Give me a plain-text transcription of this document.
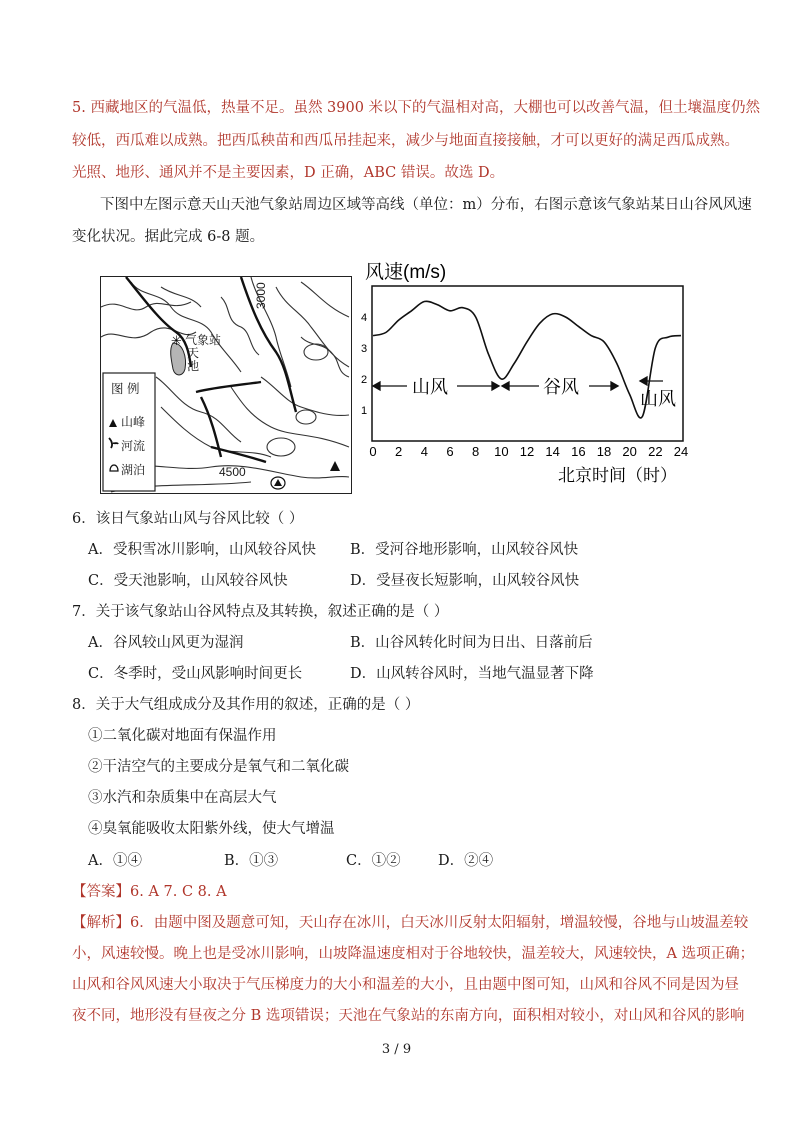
5. 西藏地区的气温低，热量不足。虽然 3900 米以下的气温相对高，大棚也可以改善气温，但土壤温度仍然
较低，西瓜难以成熟。把西瓜秧苗和西瓜吊挂起来，减少与地面直接接触，才可以更好的满足西瓜成熟。
光照、地形、通风并不是主要因素，D 正确，ABC 错误。故选 D。
下图中左图示意天山天池气象站周边区域等高线（单位：m）分布，右图示意该气象站某日山谷风风速
变化状况。据此完成 6-8 题。
✳
3000
4500
气象站
天
池
图 例
山峰
河流
湖泊
风速(m/s)
1
2
3
4
0 2 4 6 8 10 12 14 16 18 20 22 24
山风	谷风
山风
北京时间（时）
6．该日气象站山风与谷风比较（ ）
A．受积雪冰川影响，山风较谷风快 B．受河谷地形影响，山风较谷风快
C．受天池影响，山风较谷风快	D．受昼夜长短影响，山风较谷风快
7．关于该气象站山谷风特点及其转换，叙述正确的是（ ）
A．谷风较山风更为湿润	B．山谷风转化时间为日出、日落前后
C．冬季时，受山风影响时间更长	D．山风转谷风时，当地气温显著下降
8．关于大气组成成分及其作用的叙述，正确的是（ ）
①二氧化碳对地面有保温作用
②干洁空气的主要成分是氧气和二氧化碳
③水汽和杂质集中在高层大气
④臭氧能吸收太阳紫外线，使大气增温
A．①④	B．①③	C．①②	D．②④
【答案】6. A 7. C 8. A
【解析】6．由题中图及题意可知，天山存在冰川，白天冰川反射太阳辐射，增温较慢，谷地与山坡温差较
小，风速较慢。晚上也是受冰川影响，山坡降温速度相对于谷地较快，温差较大，风速较快，A 选项正确；
山风和谷风风速大小取决于气压梯度力的大小和温差的大小，且由题中图可知，山风和谷风不同是因为昼
夜不同，地形没有昼夜之分 B 选项错误；天池在气象站的东南方向，面积相对较小，对山风和谷风的影响
3 / 9
